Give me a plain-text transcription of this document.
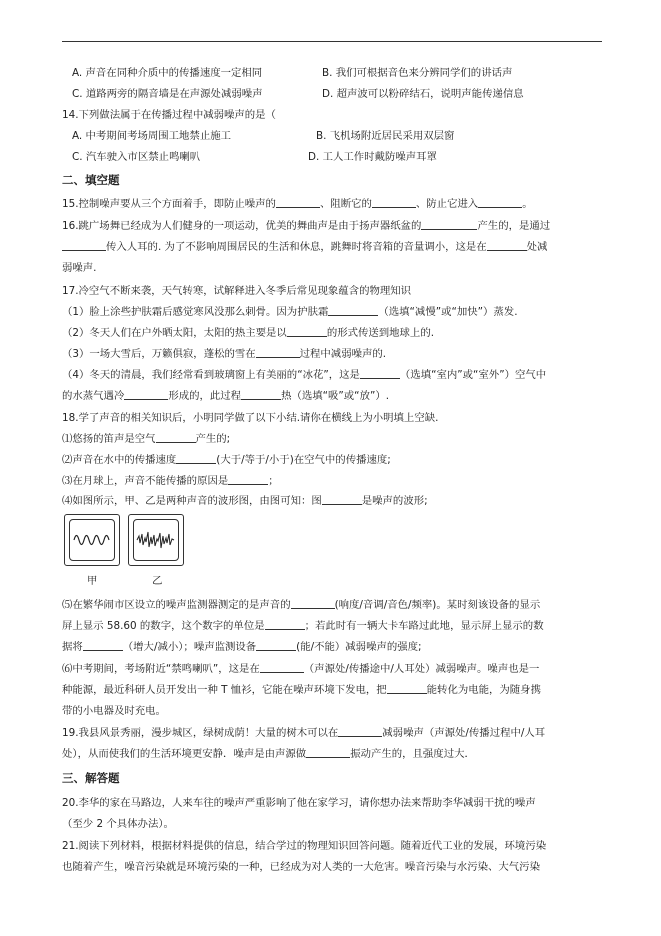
A. 声音在同种介质中的传播速度一定相同	B. 我们可根据音色来分辨同学们的讲话声
C. 道路两旁的隔音墙是在声源处减弱噪声	D. 超声波可以粉碎结石，说明声能传递信息
14.下列做法属于在传播过程中减弱噪声的是（
A. 中考期间考场周围工地禁止施工	B. 飞机场附近居民采用双层窗
C. 汽车驶入市区禁止鸣喇叭	D. 工人工作时戴防噪声耳罩
二、填空题
15.控制噪声要从三个方面着手，即防止噪声的	、阻断它的	、防止它进入	。
16.跳广场舞已经成为人们健身的一项运动，优美的舞曲声是由于扬声器纸盆的	产生的，是通过
传入人耳的. 为了不影响周围居民的生活和休息，跳舞时将音箱的音量调小，这是在	处减
弱噪声.
17.冷空气不断来袭，天气转寒，试解释进入冬季后常见现象蕴含的物理知识
（1）脸上涂些护肤霜后感觉寒风没那么刺骨。因为护肤霜	（选填“减慢”或“加快”）蒸发.
（2）冬天人们在户外晒太阳，太阳的热主要是以	的形式传送到地球上的.
（3）一场大雪后，万籁俱寂，蓬松的雪在	过程中减弱噪声的.
（4）冬天的清晨，我们经常看到玻璃窗上有美丽的“冰花”，这是	（选填“室内”或“室外”）空气中
的水蒸气遇冷	形成的，此过程	热（选填“吸”或“放”）.
18.学了声音的相关知识后，小明同学做了以下小结.请你在横线上为小明填上空缺.
⑴悠扬的笛声是空气	产生的;
⑵声音在水中的传播速度	(大于/等于/小于)在空气中的传播速度;
⑶在月球上，声音不能传播的原因是	；
⑷如图所示，甲、乙是两种声音的波形图，由图可知：图	是噪声的波形;
甲	乙
⑸在繁华闹市区设立的噪声监测器测定的是声音的	(响度/音调/音色/频率)。某时刻该设备的显示
屏上显示 58.60 的数字，这个数字的单位是	；若此时有一辆大卡车路过此地，显示屏上显示的数
据将	（增大/减小）；噪声监测设备	(能/不能）减弱噪声的强度;
⑹中考期间，考场附近“禁鸣喇叭”，这是在	（声源处/传播途中/人耳处）减弱噪声。噪声也是一
种能源，最近科研人员开发出一种 T 恤衫，它能在噪声环境下发电，把	能转化为电能，为随身携
带的小电器及时充电。
19.我县风景秀丽，漫步城区，绿树成荫！大量的树木可以在	减弱噪声（声源处/传播过程中/人耳
处），从而使我们的生活环境更安静．噪声是由声源做	振动产生的，且强度过大．
三、解答题
20.李华的家在马路边，人来车往的噪声严重影响了他在家学习，请你想办法来帮助李华减弱干扰的噪声
（至少 2 个具体办法）。
21.阅读下列材料，根据材料提供的信息，结合学过的物理知识回答问题。随着近代工业的发展，环境污染
也随着产生，噪音污染就是环境污染的一种，已经成为对人类的一大危害。噪音污染与水污染、大气污染
